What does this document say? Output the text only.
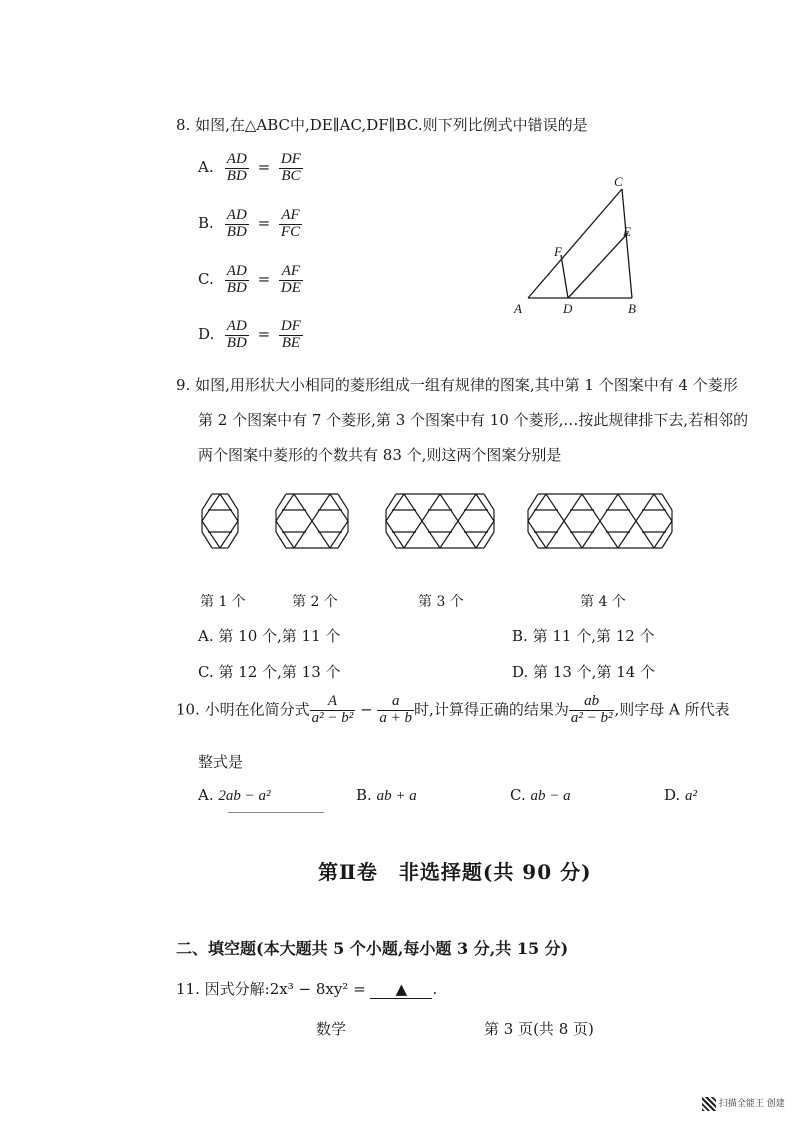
8. 如图,在△ABC中,DE∥AC,DF∥BC.则下列比例式中错误的是
A. $\frac{AD}{BD} = \frac{DF}{BC}$
B. $\frac{AD}{BD} = \frac{AF}{FC}$
C. $\frac{AD}{BD} = \frac{AF}{DE}$
D. $\frac{AD}{BD} = \frac{DF}{BE}$
A	B
C
D
E
F
9. 如图,用形状大小相同的菱形组成一组有规律的图案,其中第 1 个图案中有 4 个菱形
第 2 个图案中有 7 个菱形,第 3 个图案中有 10 个菱形,…按此规律排下去,若相邻的
两个图案中菱形的个数共有 83 个,则这两个图案分别是
第 1 个	第 2 个	第 3 个	第 4 个
A. 第 10 个,第 11 个	B. 第 11 个,第 12 个
C. 第 12 个,第 13 个	D. 第 13 个,第 14 个
10. 小明在化简分式 $\frac{A}{\text{a² − b²}} - \frac{a}{a + b}$ 时,计算得正确的结果为 $\frac{ab}{\text{a² − b²}}$ ,则字母 A 所代表
整式是
A. 2ab − a²	B. ab + a	C. ab − a	D. a²
第Ⅱ卷　非选择题(共 90 分)
二、填空题(本大题共 5 个小题,每小题 3 分,共 15 分)
11. 因式分解:2x³ − 8xy² = ▲ .
数学	第 3 页(共 8 页)
扫描全能王 创建
